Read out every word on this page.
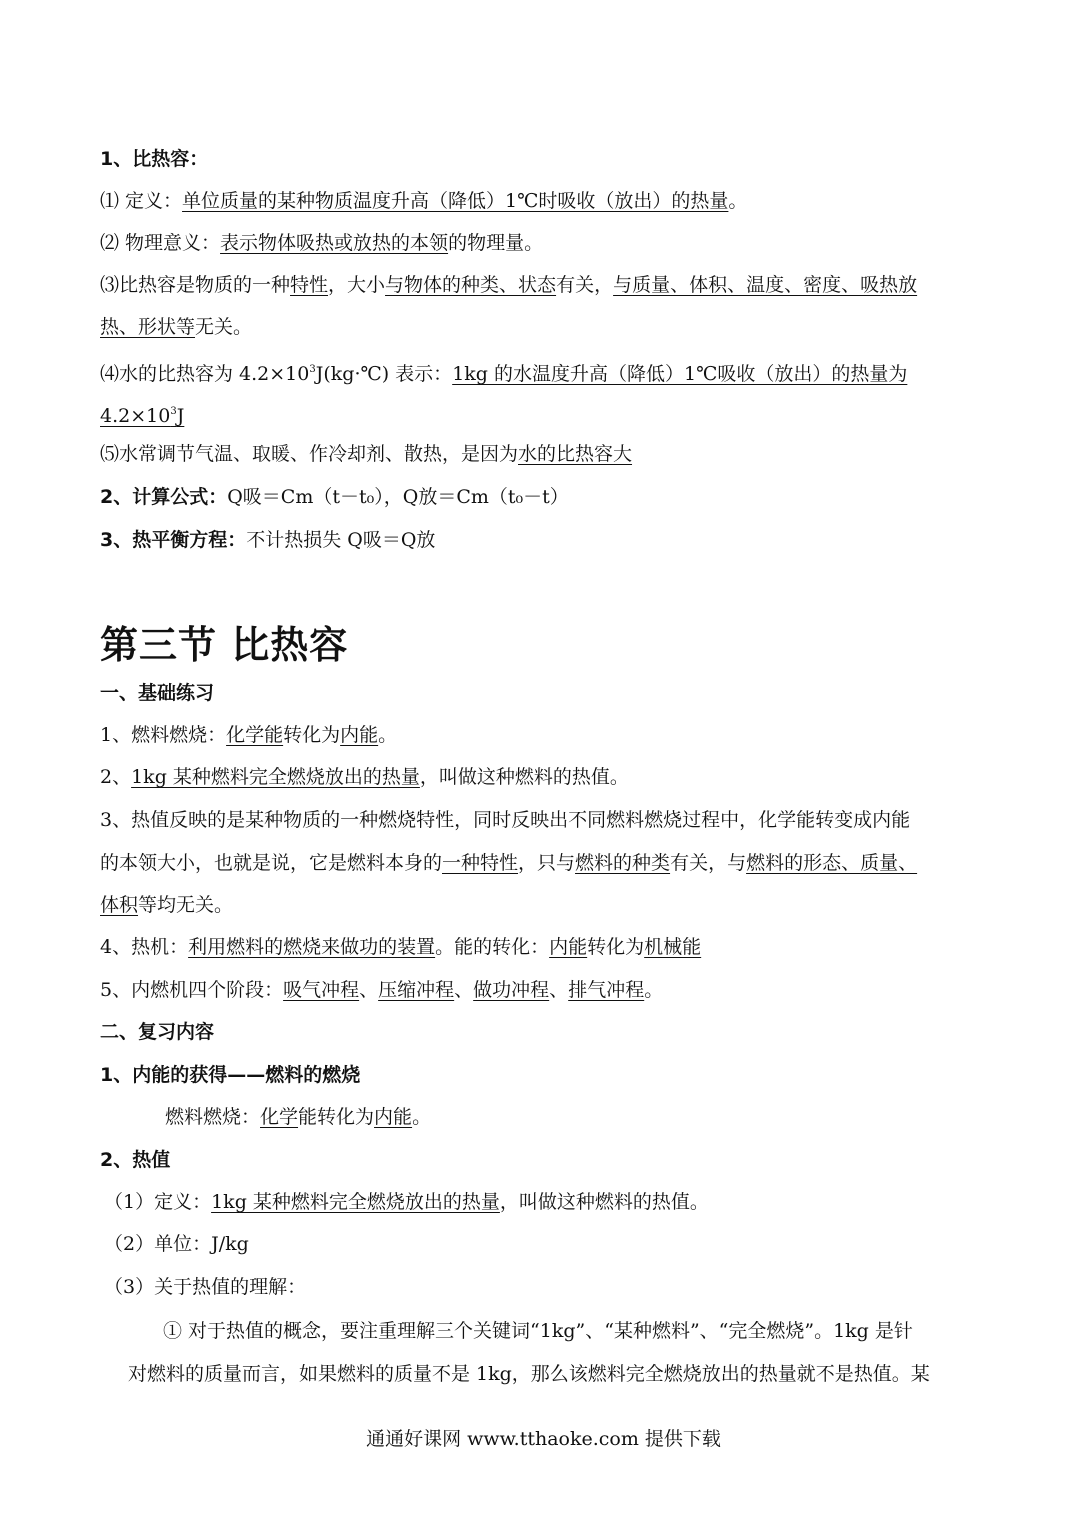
1、比热容：
⑴ 定义：单位质量的某种物质温度升高（降低）1℃时吸收（放出）的热量。
⑵ 物理意义：表示物体吸热或放热的本领的物理量。
⑶比热容是物质的一种特性，大小与物体的种类、状态有关，与质量、体积、温度、密度、吸热放
热、形状等无关。
⑷水的比热容为 $4.2\times 10^3J(kg\cdot℃)$ 表示：1kg 的水温度升高（降低）1℃吸收（放出）的热量为
$4.2\times 10^3J$
⑸水常调节气温、取暖、作冷却剂、散热，是因为水的比热容大
2、计算公式：Q吸＝Cm（t－t₀），Q放＝Cm（t₀－t）
3、热平衡方程：不计热损失 Q吸＝Q放
第三节 比热容
一、基础练习
1、燃料燃烧：化学能转化为内能。
2、1kg 某种燃料完全燃烧放出的热量，叫做这种燃料的热值。
3、热值反映的是某种物质的一种燃烧特性，同时反映出不同燃料燃烧过程中，化学能转变成内能
的本领大小，也就是说，它是燃料本身的一种特性，只与燃料的种类有关，与燃料的形态、质量、
体积等均无关。
4、热机：利用燃料的燃烧来做功的装置。能的转化：内能转化为机械能
5、内燃机四个阶段：吸气冲程、压缩冲程、做功冲程、排气冲程。
二、复习内容
1、内能的获得——燃料的燃烧
燃料燃烧：化学能转化为内能。
2、热值
（1）定义：1kg 某种燃料完全燃烧放出的热量，叫做这种燃料的热值。
（2）单位：J/kg
（3）关于热值的理解：
① 对于热值的概念，要注重理解三个关键词“1kg”、“某种燃料”、“完全燃烧”。1kg 是针
对燃料的质量而言，如果燃料的质量不是 1kg，那么该燃料完全燃烧放出的热量就不是热值。某
通通好课网 www.tthaoke.com 提供下载
